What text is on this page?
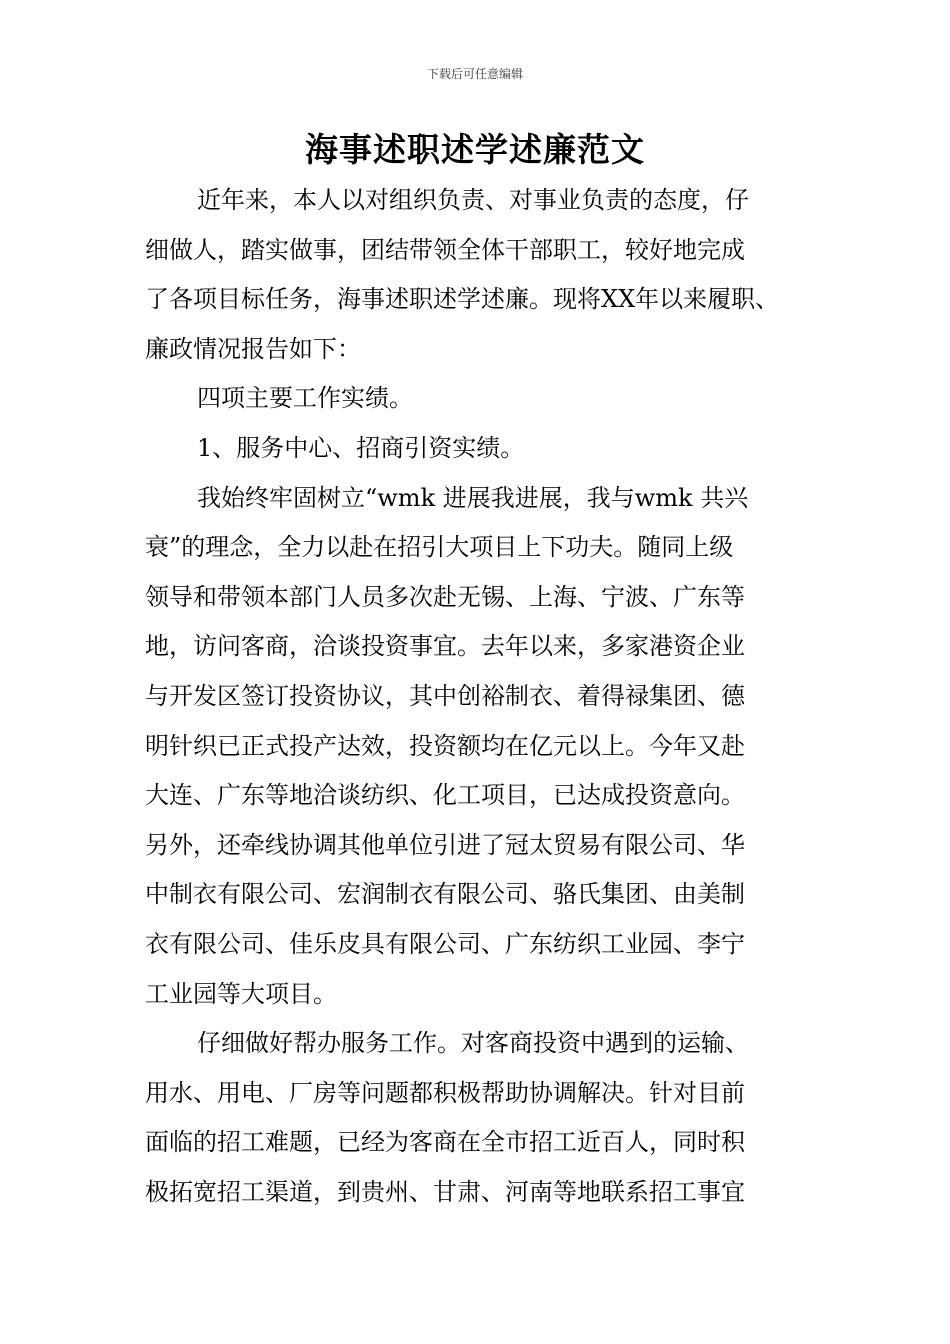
下载后可任意编辑
海事述职述学述廉范文
近年来，本人以对组织负责、对事业负责的态度，仔
细做人，踏实做事，团结带领全体干部职工，较好地完成
了各项目标任务，海事述职述学述廉。现将XX年以来履职、
廉政情况报告如下：
四项主要工作实绩。
1、服务中心、招商引资实绩。
我始终牢固树立“wmk 进展我进展，我与wmk 共兴
衰”的理念，全力以赴在招引大项目上下功夫。随同上级
领导和带领本部门人员多次赴无锡、上海、宁波、广东等
地，访问客商，洽谈投资事宜。去年以来，多家港资企业
与开发区签订投资协议，其中创裕制衣、着得禄集团、德
明针织已正式投产达效，投资额均在亿元以上。今年又赴
大连、广东等地洽谈纺织、化工项目，已达成投资意向。
另外，还牵线协调其他单位引进了冠太贸易有限公司、华
中制衣有限公司、宏润制衣有限公司、骆氏集团、由美制
衣有限公司、佳乐皮具有限公司、广东纺织工业园、李宁
工业园等大项目。
仔细做好帮办服务工作。对客商投资中遇到的运输、
用水、用电、厂房等问题都积极帮助协调解决。针对目前
面临的招工难题，已经为客商在全市招工近百人，同时积
极拓宽招工渠道，到贵州、甘肃、河南等地联系招工事宜
